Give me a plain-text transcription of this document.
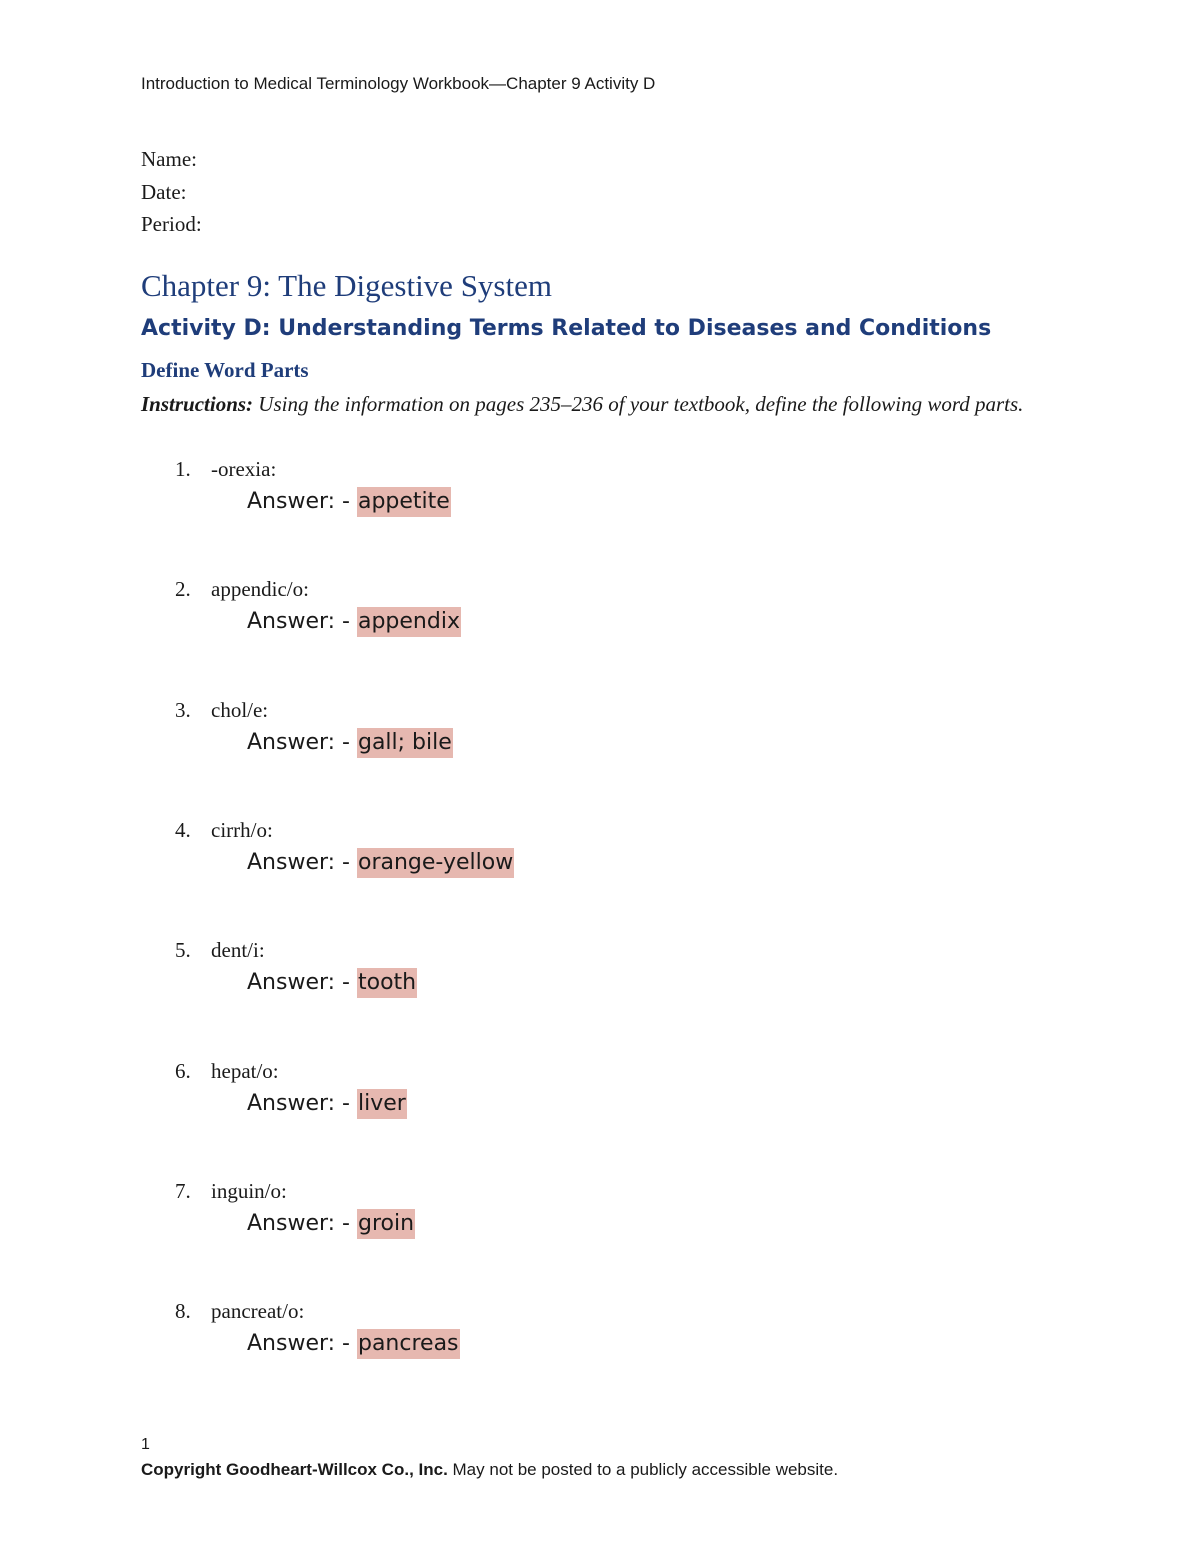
Introduction to Medical Terminology Workbook—Chapter 9 Activity D
Name:
Date:
Period:
Chapter 9: The Digestive System
Activity D: Understanding Terms Related to Diseases and Conditions
Define Word Parts

Instructions: Using the information on pages 235–236 of your textbook, define the following word parts.

1. -orexia:
Answer: - appetite
2. appendic/o:
Answer: - appendix
3. chol/e:
Answer: - gall; bile
4. cirrh/o:
Answer: - orange-yellow
5. dent/i:
Answer: - tooth
6. hepat/o:
Answer: - liver
7. inguin/o:
Answer: - groin
8. pancreat/o:
Answer: - pancreas
1
Copyright Goodheart-Willcox Co., Inc. May not be posted to a publicly accessible website.
